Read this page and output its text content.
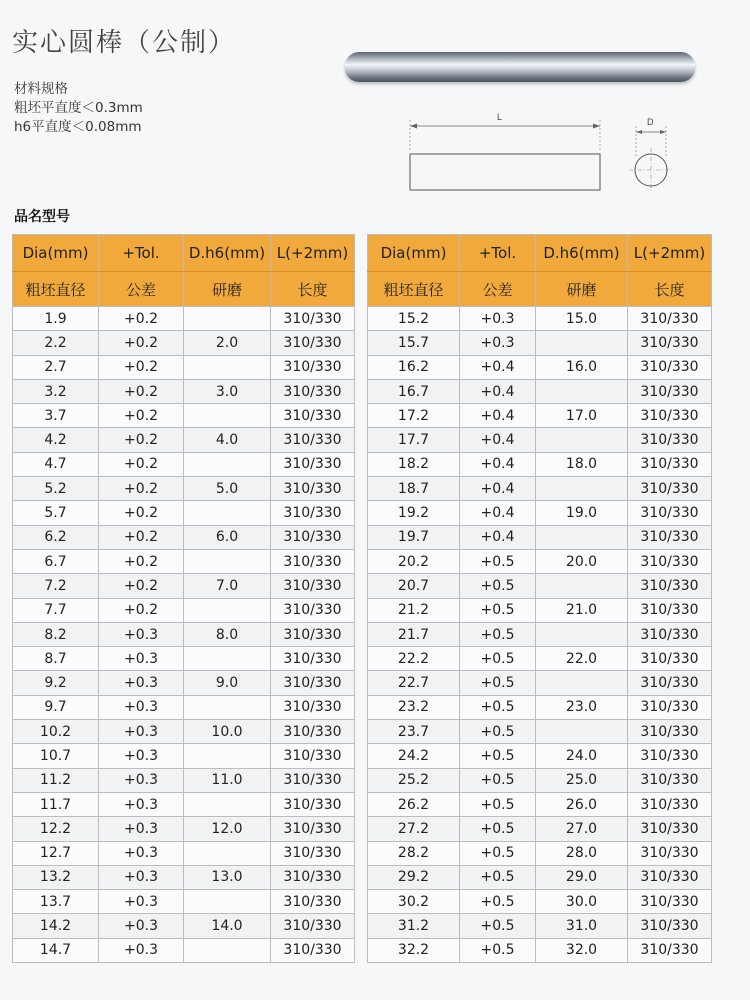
实心圆棒（公制）
材料规格
粗坯平直度＜0.3mm
h6平直度＜0.08mm
L	D
品名型号
Dia(mm)	+Tol.	D.h6(mm)	L(+2mm)
粗坯直径	公差	研磨	长度
1.9	+0.2		310/330
2.2	+0.2	2.0	310/330
2.7	+0.2		310/330
3.2	+0.2	3.0	310/330
3.7	+0.2		310/330
4.2	+0.2	4.0	310/330
4.7	+0.2		310/330
5.2	+0.2	5.0	310/330
5.7	+0.2		310/330
6.2	+0.2	6.0	310/330
6.7	+0.2		310/330
7.2	+0.2	7.0	310/330
7.7	+0.2		310/330
8.2	+0.3	8.0	310/330
8.7	+0.3		310/330
9.2	+0.3	9.0	310/330
9.7	+0.3		310/330
10.2	+0.3	10.0	310/330
10.7	+0.3		310/330
11.2	+0.3	11.0	310/330
11.7	+0.3		310/330
12.2	+0.3	12.0	310/330
12.7	+0.3		310/330
13.2	+0.3	13.0	310/330
13.7	+0.3		310/330
14.2	+0.3	14.0	310/330
14.7	+0.3		310/330
Dia(mm)	+Tol.	D.h6(mm)	L(+2mm)
粗坯直径	公差	研磨	长度
15.2	+0.3	15.0	310/330
15.7	+0.3		310/330
16.2	+0.4	16.0	310/330
16.7	+0.4		310/330
17.2	+0.4	17.0	310/330
17.7	+0.4		310/330
18.2	+0.4	18.0	310/330
18.7	+0.4		310/330
19.2	+0.4	19.0	310/330
19.7	+0.4		310/330
20.2	+0.5	20.0	310/330
20.7	+0.5		310/330
21.2	+0.5	21.0	310/330
21.7	+0.5		310/330
22.2	+0.5	22.0	310/330
22.7	+0.5		310/330
23.2	+0.5	23.0	310/330
23.7	+0.5		310/330
24.2	+0.5	24.0	310/330
25.2	+0.5	25.0	310/330
26.2	+0.5	26.0	310/330
27.2	+0.5	27.0	310/330
28.2	+0.5	28.0	310/330
29.2	+0.5	29.0	310/330
30.2	+0.5	30.0	310/330
31.2	+0.5	31.0	310/330
32.2	+0.5	32.0	310/330
